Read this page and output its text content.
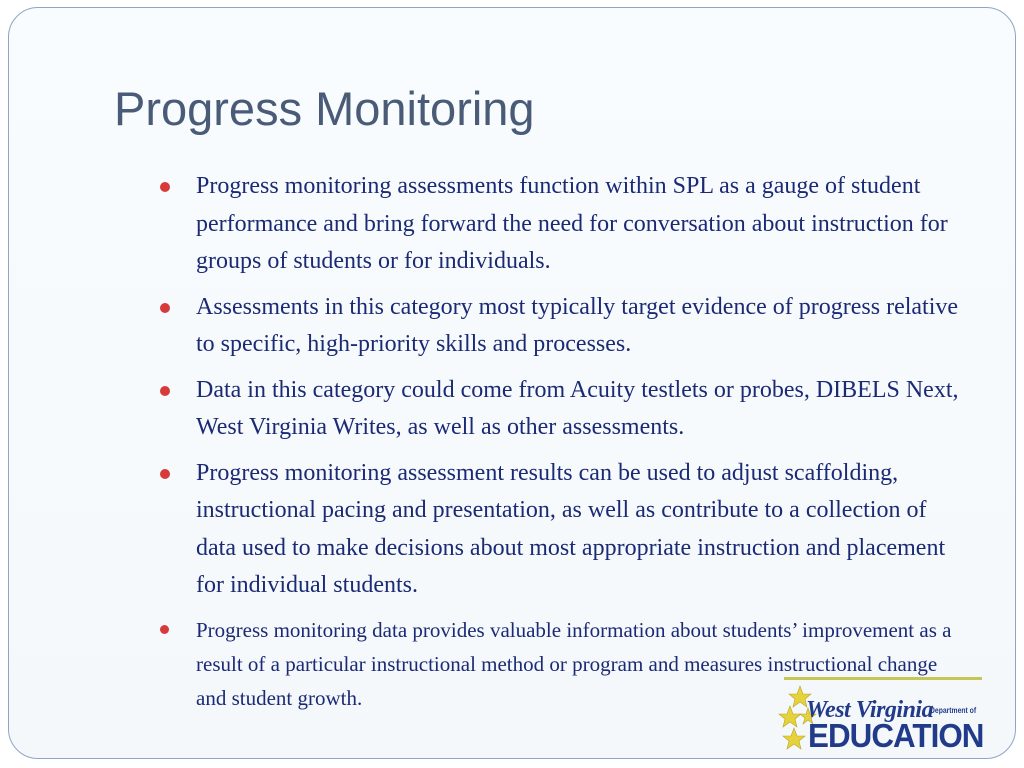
Progress Monitoring
Progress monitoring assessments function within SPL as a gauge of student performance and bring forward the need for conversation about instruction for groups of students or for individuals.
Assessments in this category most typically target evidence of progress relative to specific, high-priority skills and processes.
Data in this category could come from Acuity testlets or probes, DIBELS Next, West Virginia Writes, as well as other assessments.
Progress monitoring assessment results can be used to adjust scaffolding, instructional pacing and presentation, as well as contribute to a collection of data used to make decisions about most appropriate instruction and placement for individual students.
Progress monitoring data provides valuable information about students’ improvement as a result of a particular instructional method or program and measures instructional change and student growth.	West Virginia
Department of
EDUCATION
